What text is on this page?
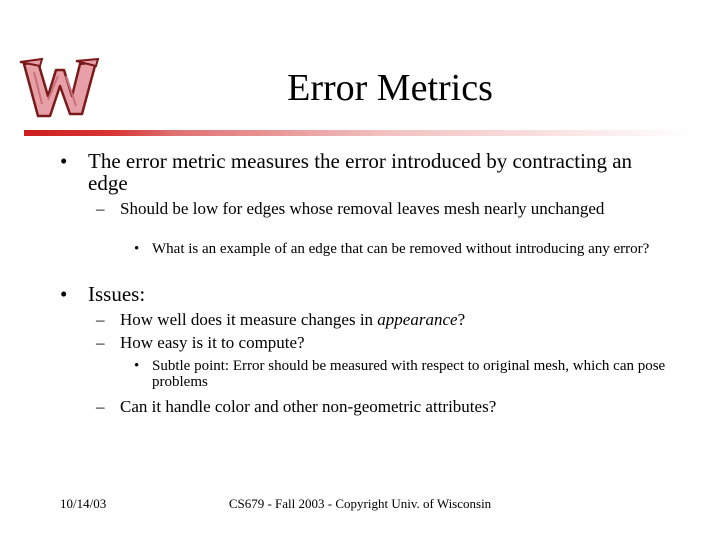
Error Metrics
• The error metric measures the error introduced by contracting an edge
– Should be low for edges whose removal leaves mesh nearly unchanged
• What is an example of an edge that can be removed without introducing any error?
• Issues:
– How well does it measure changes in appearance?
– How easy is it to compute?
• Subtle point: Error should be measured with respect to original mesh, which can pose problems
– Can it handle color and other non-geometric attributes?
10/14/03	CS679 - Fall 2003 - Copyright Univ. of Wisconsin
